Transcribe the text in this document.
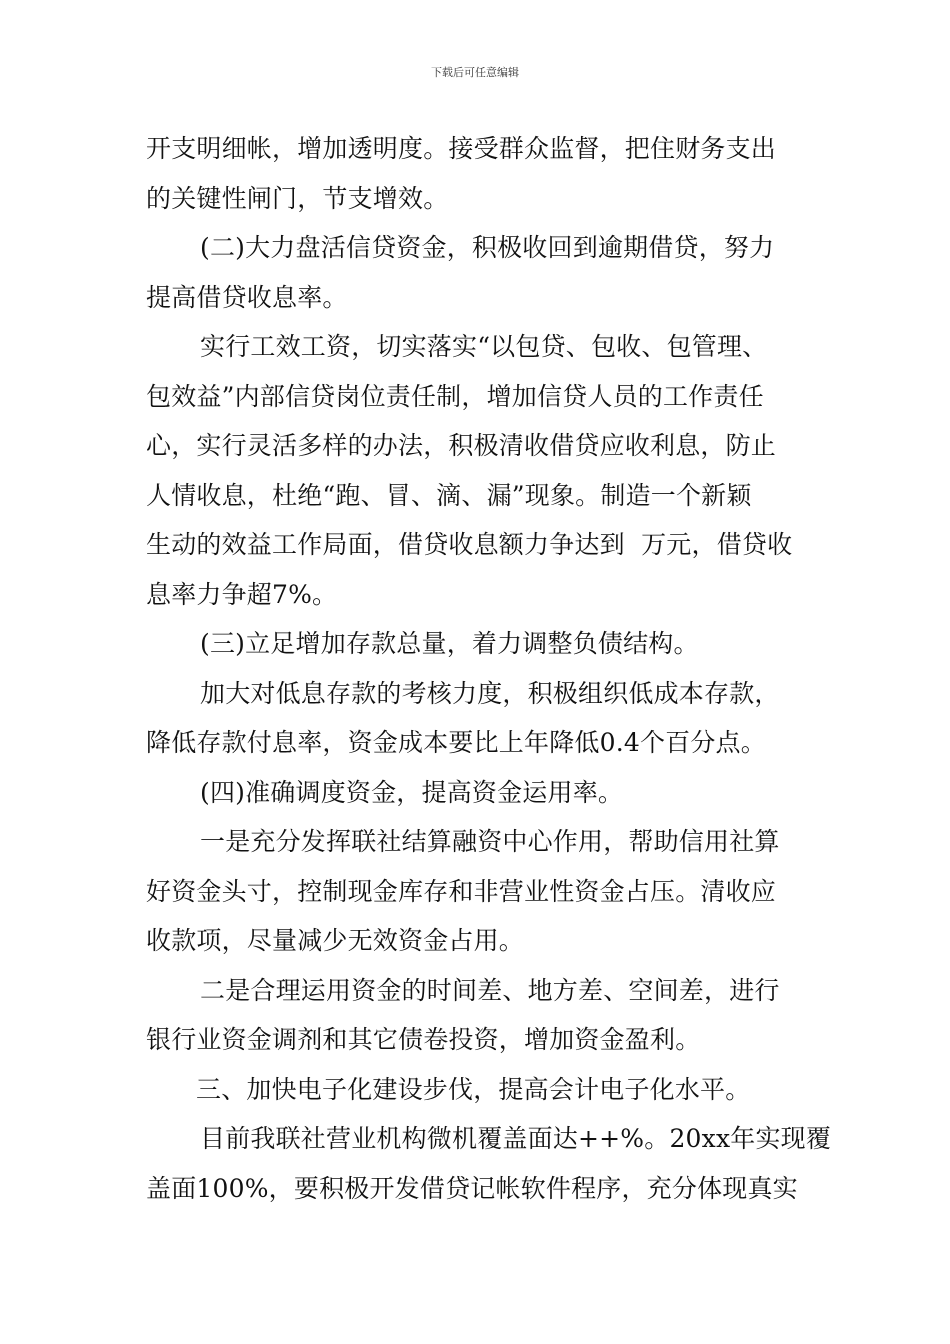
下载后可任意编辑
开支明细帐，增加透明度。接受群众监督，把住财务支出
的关键性闸门，节支增效。
(二)大力盘活信贷资金，积极收回到逾期借贷，努力
提高借贷收息率。
实行工效工资，切实落实“以包贷、包收、包管理、
包效益”内部信贷岗位责任制，增加信贷人员的工作责任
心，实行灵活多样的办法，积极清收借贷应收利息，防止
人情收息，杜绝“跑、冒、滴、漏”现象。制造一个新颖
生动的效益工作局面，借贷收息额力争达到  万元，借贷收
息率力争超7%。
(三)立足增加存款总量，着力调整负债结构。
加大对低息存款的考核力度，积极组织低成本存款，
降低存款付息率，资金成本要比上年降低0.4个百分点。
(四)准确调度资金，提高资金运用率。
一是充分发挥联社结算融资中心作用，帮助信用社算
好资金头寸，控制现金库存和非营业性资金占压。清收应
收款项，尽量减少无效资金占用。
二是合理运用资金的时间差、地方差、空间差，进行
银行业资金调剂和其它债卷投资，增加资金盈利。
三、加快电子化建设步伐，提高会计电子化水平。
目前我联社营业机构微机覆盖面达++%。20xx年实现覆
盖面100%，要积极开发借贷记帐软件程序，充分体现真实
